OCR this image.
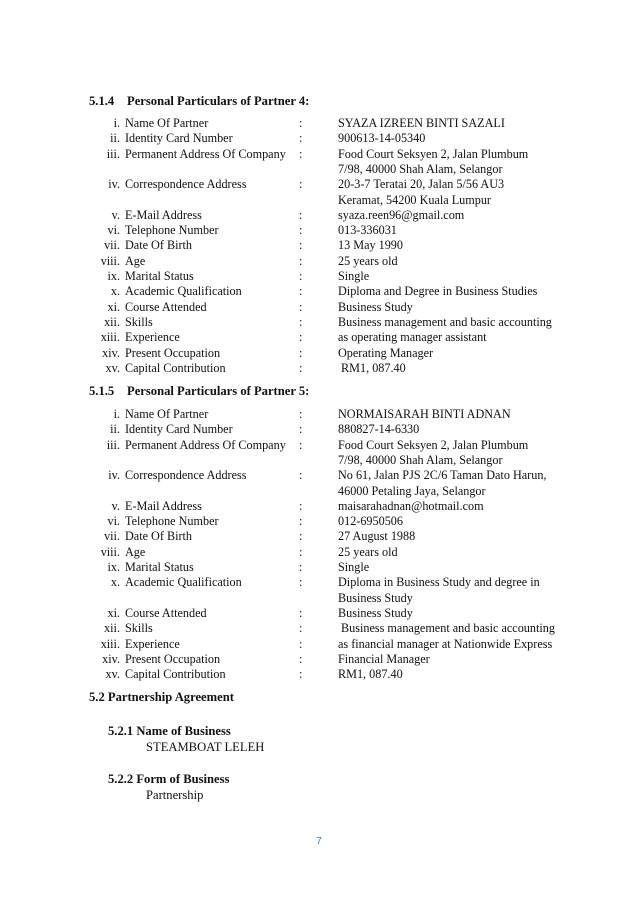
5.1.4 Personal Particulars of Partner 4:
i. Name Of Partner	:	SYAZA IZREEN BINTI SAZALI
ii. Identity Card Number	:	900613-14-05340
iii. Permanent Address Of Company :	Food Court Seksyen 2, Jalan Plumbum
7/98, 40000 Shah Alam, Selangor
iv. Correspondence Address	:	20-3-7 Teratai 20, Jalan 5/56 AU3
Keramat, 54200 Kuala Lumpur
v. E-Mail Address	:	syaza.reen96@gmail.com
vi. Telephone Number	:	013-336031
vii. Date Of Birth	:	13 May 1990
viii. Age	:	25 years old
ix. Marital Status	:	Single
x. Academic Qualification	:	Diploma and Degree in Business Studies
xi. Course Attended	:	Business Study
xii. Skills	:	Business management and basic accounting
xiii. Experience	:	as operating manager assistant
xiv. Present Occupation	:	Operating Manager
xv. Capital Contribution	:	RM1, 087.40
5.1.5 Personal Particulars of Partner 5:
i. Name Of Partner	:	NORMAISARAH BINTI ADNAN
ii. Identity Card Number	:	880827-14-6330
iii. Permanent Address Of Company :	Food Court Seksyen 2, Jalan Plumbum
7/98, 40000 Shah Alam, Selangor
iv. Correspondence Address	:	No 61, Jalan PJS 2C/6 Taman Dato Harun,
46000 Petaling Jaya, Selangor
v. E-Mail Address	:	maisarahadnan@hotmail.com
vi. Telephone Number	:	012-6950506
vii. Date Of Birth	:	27 August 1988
viii. Age	:	25 years old
ix. Marital Status	:	Single
x. Academic Qualification	:	Diploma in Business Study and degree in
Business Study
xi. Course Attended	:	Business Study
xii. Skills	:	Business management and basic accounting
xiii. Experience	:	as financial manager at Nationwide Express
xiv. Present Occupation	:	Financial Manager
xv. Capital Contribution	:	RM1, 087.40
5.2 Partnership Agreement
5.2.1 Name of Business
STEAMBOAT LELEH
5.2.2 Form of Business
Partnership
7
